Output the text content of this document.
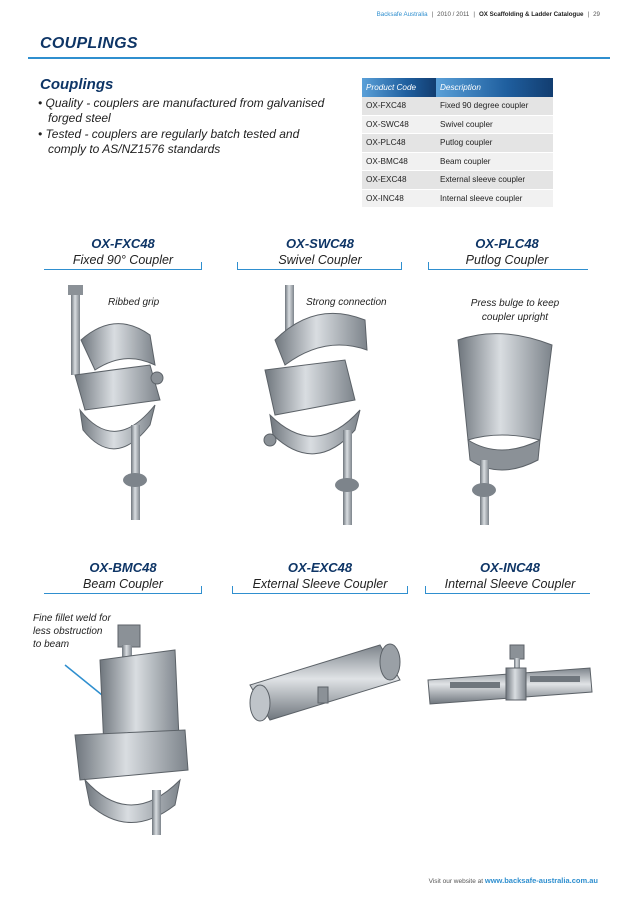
Backsafe Australia | 2010 / 2011 | OX Scaffolding & Ladder Catalogue | 29
COUPLINGS
Couplings
• Quality - couplers are manufactured from galvanised forged steel
• Tested - couplers are regularly batch tested and comply to AS/NZ1576 standards
Product Code	Description
OX-FXC48	Fixed 90 degree coupler
OX-SWC48	Swivel coupler
OX-PLC48	Putlog coupler
OX-BMC48	Beam coupler
OX-EXC48	External sleeve coupler
OX-INC48	Internal sleeve coupler
OX-FXC48
Fixed 90° Coupler
OX-SWC48
Swivel Coupler
OX-PLC48
Putlog Coupler
Ribbed grip	Strong connection	Press bulge to keep coupler upright
OX-BMC48
Beam Coupler
OX-EXC48
External Sleeve Coupler
OX-INC48
Internal Sleeve Coupler
Fine fillet weld for less obstruction to beam
Visit our website at www.backsafe-australia.com.au
